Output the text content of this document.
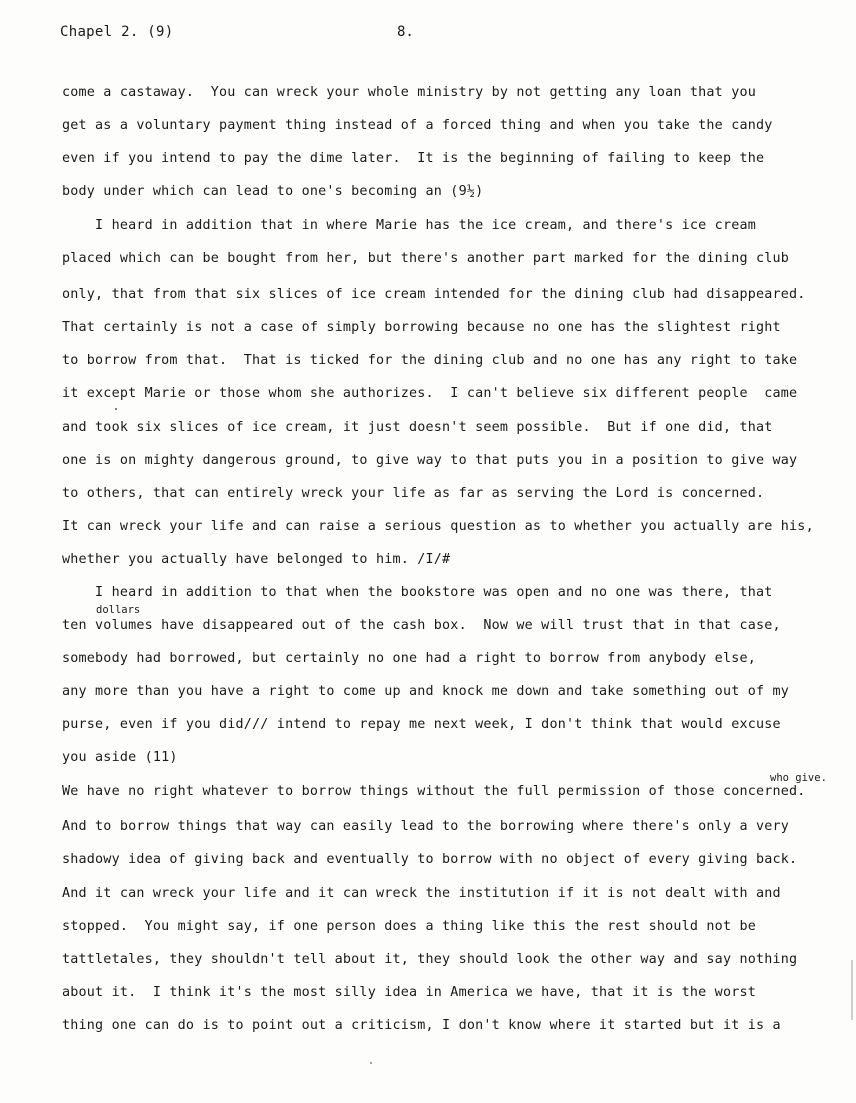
Chapel 2. (9)	8.
come a castaway.  You can wreck your whole ministry by not getting any loan that you
get as a voluntary payment thing instead of a forced thing and when you take the candy
even if you intend to pay the dime later.  It is the beginning of failing to keep the
body under which can lead to one's becoming an (9½)
I heard in addition that in where Marie has the ice cream, and there's ice cream
placed which can be bought from her, but there's another part marked for the dining club
only, that from that six slices of ice cream intended for the dining club had disappeared.
That certainly is not a case of simply borrowing because no one has the slightest right
to borrow from that.  That is ticked for the dining club and no one has any right to take
it except Marie or those whom she authorizes.  I can't believe six different people  came
and took six slices of ice cream, it just doesn't seem possible.  But if one did, that
one is on mighty dangerous ground, to give way to that puts you in a position to give way
to others, that can entirely wreck your life as far as serving the Lord is concerned.
It can wreck your life and can raise a serious question as to whether you actually are his,
whether you actually have belonged to him. /I/#
I heard in addition to that when the bookstore was open and no one was there, that
ten volumes have disappeared out of the cash box.  Now we will trust that in that case,
somebody had borrowed, but certainly no one had a right to borrow from anybody else,
any more than you have a right to come up and knock me down and take something out of my
purse, even if you did/// intend to repay me next week, I don't think that would excuse
you aside (11)
We have no right whatever to borrow things without the full permission of those concerned.
And to borrow things that way can easily lead to the borrowing where there's only a very
shadowy idea of giving back and eventually to borrow with no object of every giving back.
And it can wreck your life and it can wreck the institution if it is not dealt with and
stopped.  You might say, if one person does a thing like this the rest should not be
tattletales, they shouldn't tell about it, they should look the other way and say nothing
about it.  I think it's the most silly idea in America we have, that it is the worst
thing one can do is to point out a criticism, I don't know where it started but it is a
dollars
who give.
